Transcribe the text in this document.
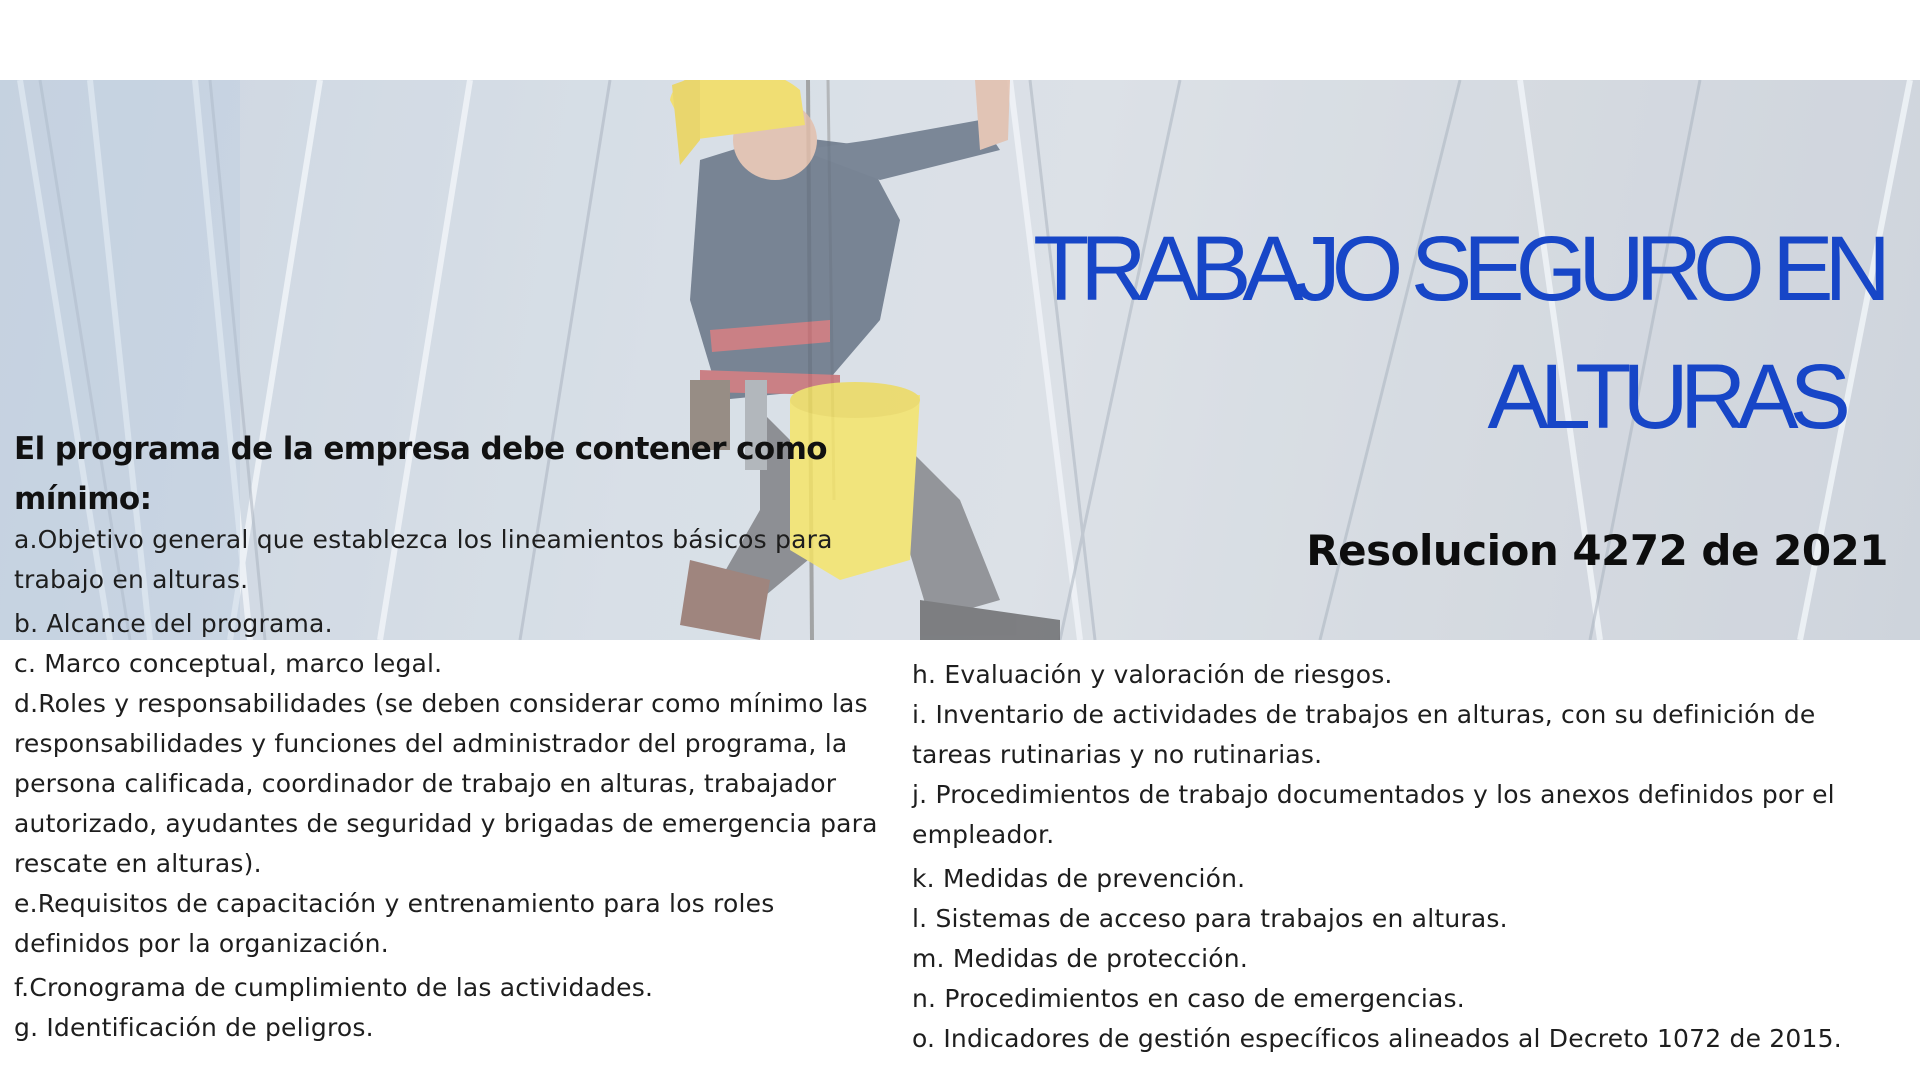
TRABAJO SEGURO EN
ALTURAS
Resolucion 4272 de 2021
El programa de la empresa debe contener como mínimo:

a.Objetivo general que establezca los lineamientos básicos para trabajo en alturas.

b. Alcance del programa.

c. Marco conceptual, marco legal.

d.Roles y responsabilidades (se deben considerar como mínimo las responsabilidades y funciones del administrador del programa, la persona calificada, coordinador de trabajo en alturas, trabajador autorizado, ayudantes de seguridad y brigadas de emergencia para rescate en alturas).

e.Requisitos de capacitación y entrenamiento para los roles definidos por la organización.

f.Cronograma de cumplimiento de las actividades.

g. Identificación de peligros.

h. Evaluación y valoración de riesgos.

i. Inventario de actividades de trabajos en alturas, con su definición de tareas rutinarias y no rutinarias.

j. Procedimientos de trabajo documentados y los anexos definidos por el empleador.

k. Medidas de prevención.

l. Sistemas de acceso para trabajos en alturas.

m. Medidas de protección.

n. Procedimientos en caso de emergencias.

o. Indicadores de gestión específicos alineados al Decreto 1072 de 2015.
